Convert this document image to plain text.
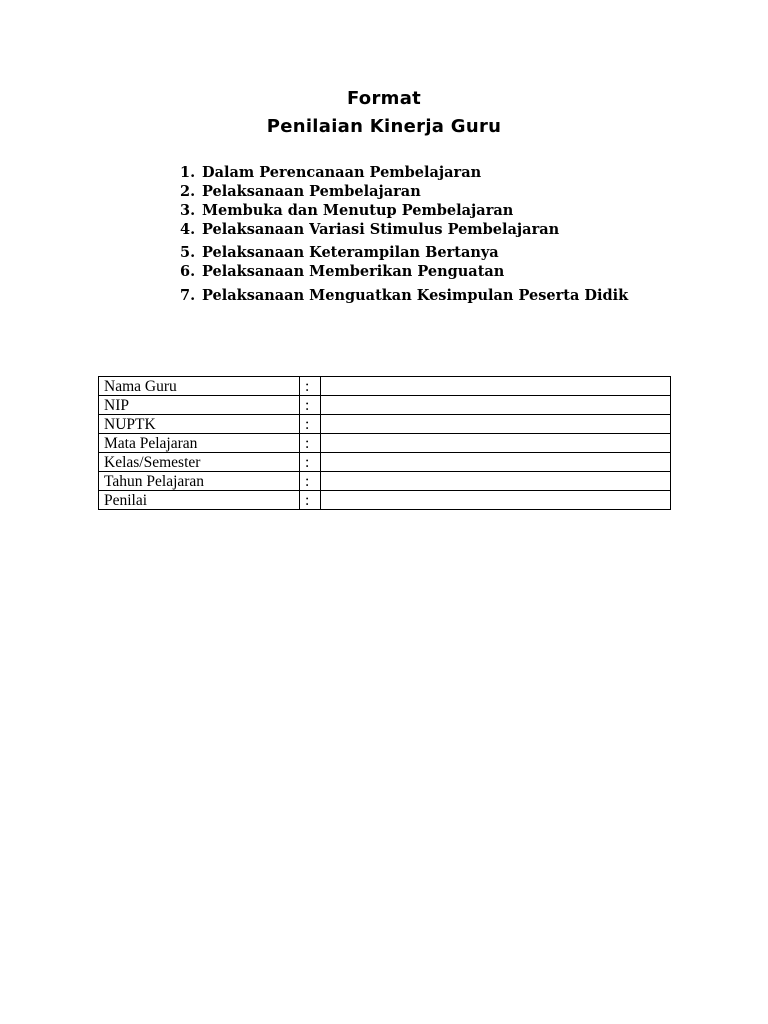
Format
Penilaian Kinerja Guru
1. Dalam Perencanaan Pembelajaran
2. Pelaksanaan Pembelajaran
3. Membuka dan Menutup Pembelajaran
4. Pelaksanaan Variasi Stimulus Pembelajaran
5. Pelaksanaan Keterampilan Bertanya
6. Pelaksanaan Memberikan Penguatan
7. Pelaksanaan Menguatkan Kesimpulan Peserta Didik
Nama Guru	:	
NIP	:	
NUPTK	:	
Mata Pelajaran	:	
Kelas/Semester	:	
Tahun Pelajaran	:	
Penilai	:	
